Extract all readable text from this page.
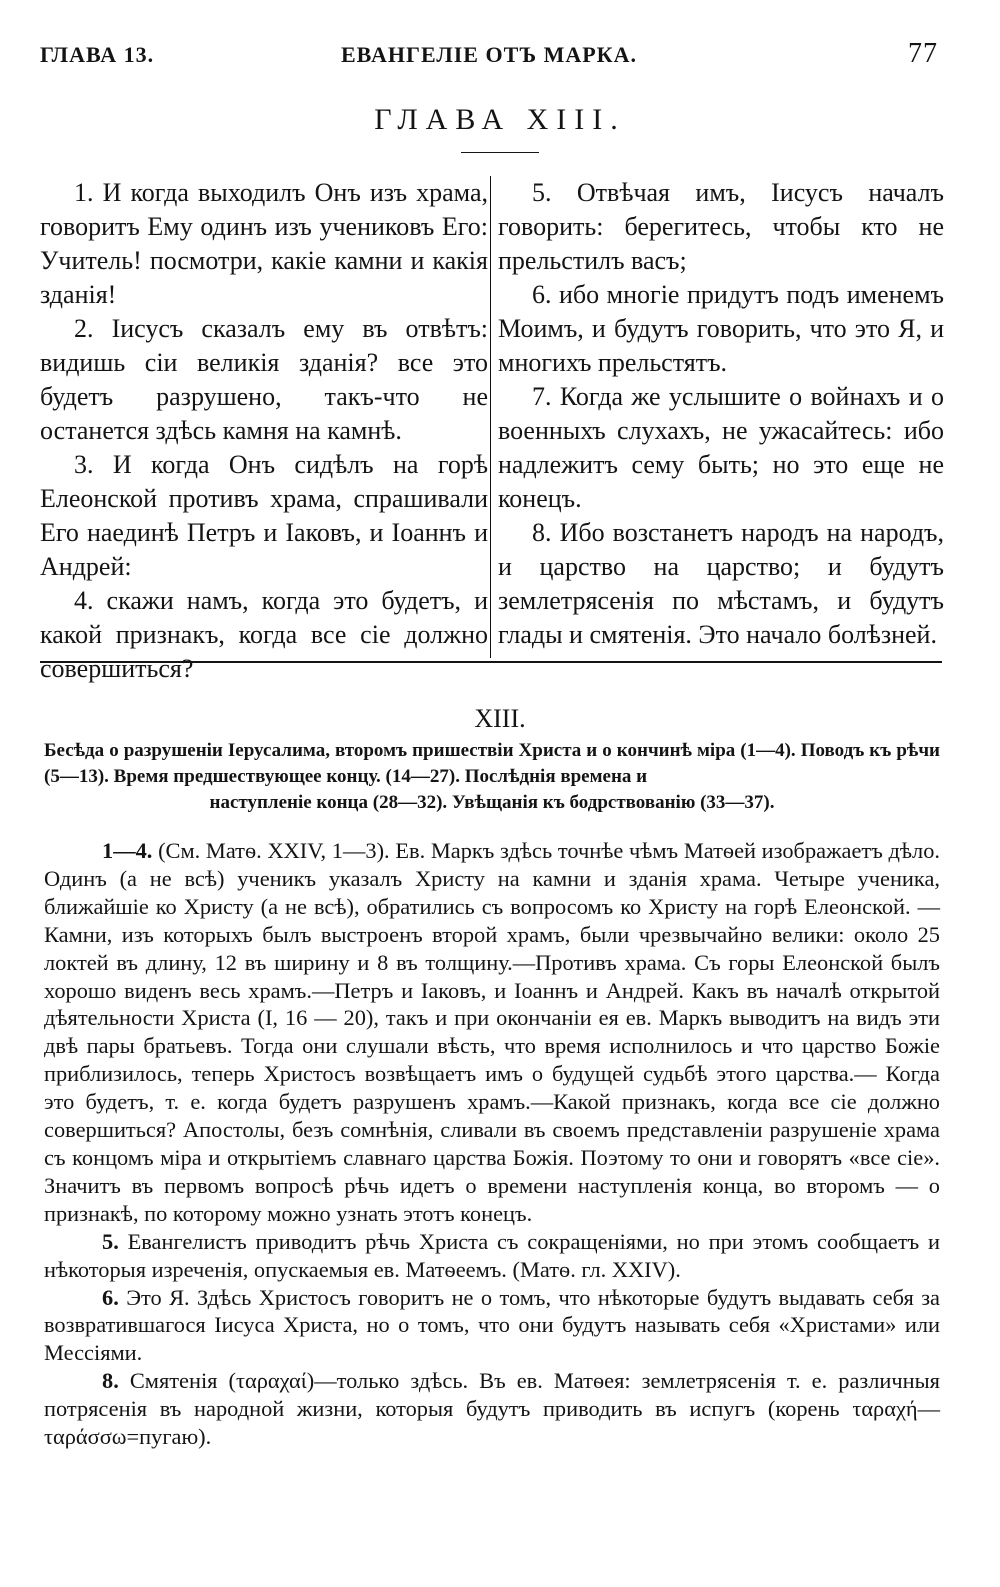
ГЛАВА 13.	ЕВАНГЕЛІЕ ОТЪ МАРКА.	77
ГЛАВА XIII.

1. И когда выходилъ Онъ изъ храма, говоритъ Ему одинъ изъ учениковъ Его: Учитель! посмотри, какіе камни и какія зданія!

2. Іисусъ сказалъ ему въ отвѣтъ: видишь сіи великія зданія? все это будетъ разрушено, такъ-что не останется здѣсь камня на камнѣ.

3. И когда Онъ сидѣлъ на горѣ Елеонской противъ храма, спрашивали Его наединѣ Петръ и Іаковъ, и Іоаннъ и Андрей:

4. скажи намъ, когда это будетъ, и какой признакъ, когда все сіе должно совершиться?

5. Отвѣчая имъ, Іисусъ началъ говорить: берегитесь, чтобы кто не прельстилъ васъ;

6. ибо многіе придутъ подъ именемъ Моимъ, и будутъ говорить, что это Я, и многихъ прельстятъ.

7. Когда же услышите о войнахъ и о военныхъ слухахъ, не ужасайтесь: ибо надлежитъ сему быть; но это еще не конецъ.

8. Ибо возстанетъ народъ на народъ, и царство на царство; и будутъ землетрясенія по мѣстамъ, и будутъ глады и смятенія. Это начало болѣзней.

XIII.
Бесѣда о разрушеніи Іерусалима, второмъ пришествіи Христа и о кончинѣ міра (1—4). Поводъ къ рѣчи (5—13). Время предшествующее концу. (14—27). Послѣднія времена и
наступленіе конца (28—32). Увѣщанія къ бодрствованію (33—37).

1—4. (См. Матѳ. XXIV, 1—3). Ев. Маркъ здѣсь точнѣе чѣмъ Матѳей изображаетъ дѣло. Одинъ (а не всѣ) ученикъ указалъ Христу на камни и зданія храма. Четыре ученика, ближайшіе ко Христу (а не всѣ), обратились съ вопросомъ ко Христу на горѣ Елеонской. — Камни, изъ которыхъ былъ выстроенъ второй храмъ, были чрезвычайно велики: около 25 локтей въ длину, 12 въ ширину и 8 въ толщину.—Противъ храма. Съ горы Елеонской былъ хорошо виденъ весь храмъ.—Петръ и Іаковъ, и Іоаннъ и Андрей. Какъ въ началѣ открытой дѣятельности Христа (I, 16 — 20), такъ и при окончаніи ея ев. Маркъ выводитъ на видъ эти двѣ пары братьевъ. Тогда они слушали вѣсть, что время исполнилось и что царство Божіе приблизилось, теперь Христосъ возвѣщаетъ имъ о будущей судьбѣ этого царства.— Когда это будетъ, т. е. когда будетъ разрушенъ храмъ.—Какой признакъ, когда все сіе должно совершиться? Апостолы, безъ сомнѣнія, сливали въ своемъ представленіи разрушеніе храма съ концомъ міра и открытіемъ славнаго царства Божія. Поэтому то они и говорятъ «все сіе». Значитъ въ первомъ вопросѣ рѣчь идетъ о времени наступленія конца, во второмъ — о признакѣ, по которому можно узнать этотъ конецъ.

5. Евангелистъ приводитъ рѣчь Христа съ сокращеніями, но при этомъ сообщаетъ и нѣкоторыя изреченія, опускаемыя ев. Матѳеемъ. (Матѳ. гл. XXIV).

6. Это Я. Здѣсь Христосъ говоритъ не о томъ, что нѣкоторые будутъ выдавать себя за возвратившагося Іисуса Христа, но о томъ, что они будутъ называть себя «Христами» или Мессіями.

8. Смятенія (ταραχαί)—только здѣсь. Въ ев. Матѳея: землетрясенія т. е. различныя потрясенія въ народной жизни, которыя будутъ приводить въ испугъ (корень ταραχή—ταράσσω=пугаю).
